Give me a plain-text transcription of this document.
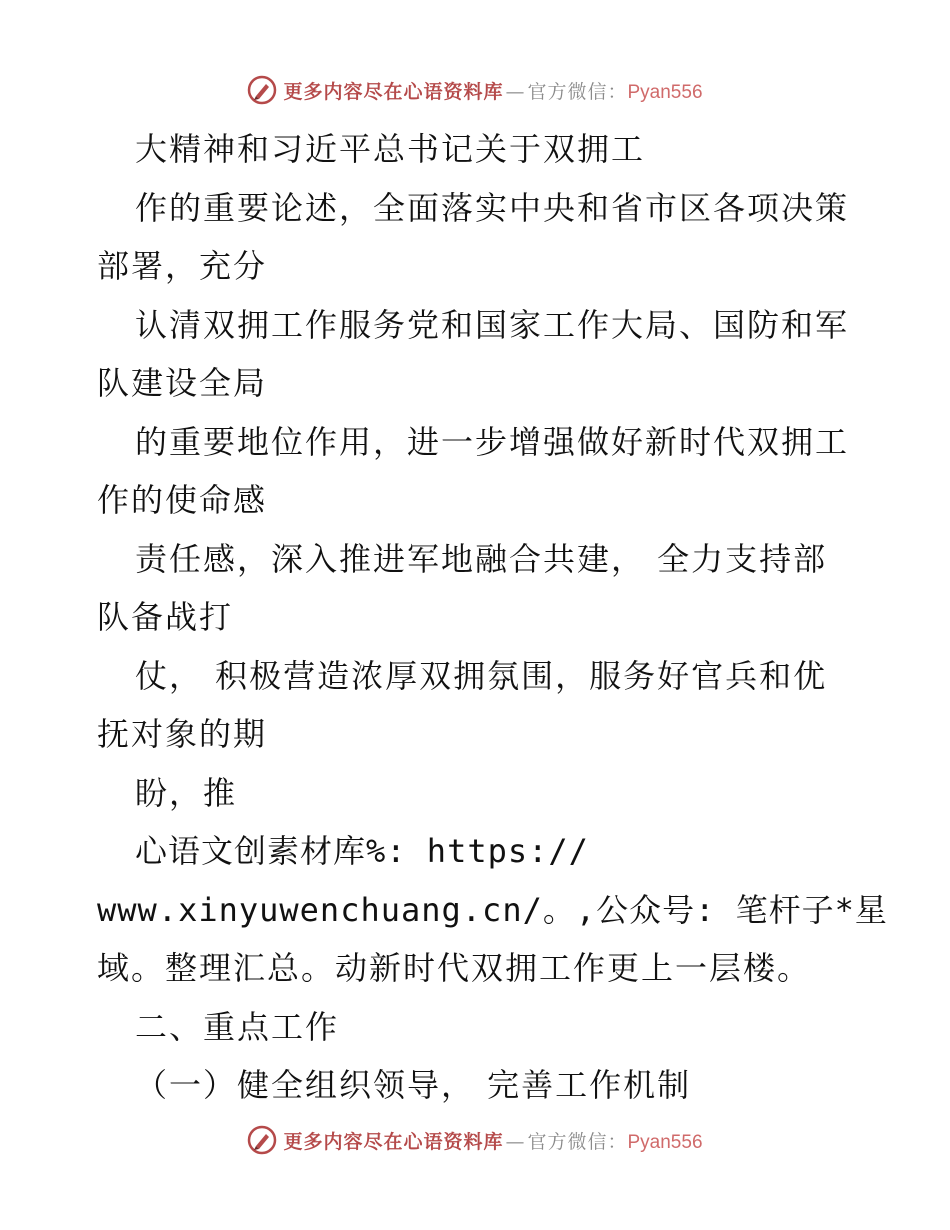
更多内容尽在心语资料库 — 官方微信：Pyan556
大精神和习近平总书记关于双拥工
作的重要论述，全面落实中央和省市区各项决策
部署，充分
认清双拥工作服务党和国家工作大局、国防和军
队建设全局
的重要地位作用，进一步增强做好新时代双拥工
作的使命感
责任感，深入推进军地融合共建， 全力支持部
队备战打
仗， 积极营造浓厚双拥氛围，服务好官兵和优
抚对象的期
盼，推
心语文创素材库%: https://
www.xinyuwenchuang.cn/。,公众号: 笔杆子*星
域。整理汇总。动新时代双拥工作更上一层楼。
二、重点工作
（一）健全组织领导， 完善工作机制
更多内容尽在心语资料库 — 官方微信：Pyan556
